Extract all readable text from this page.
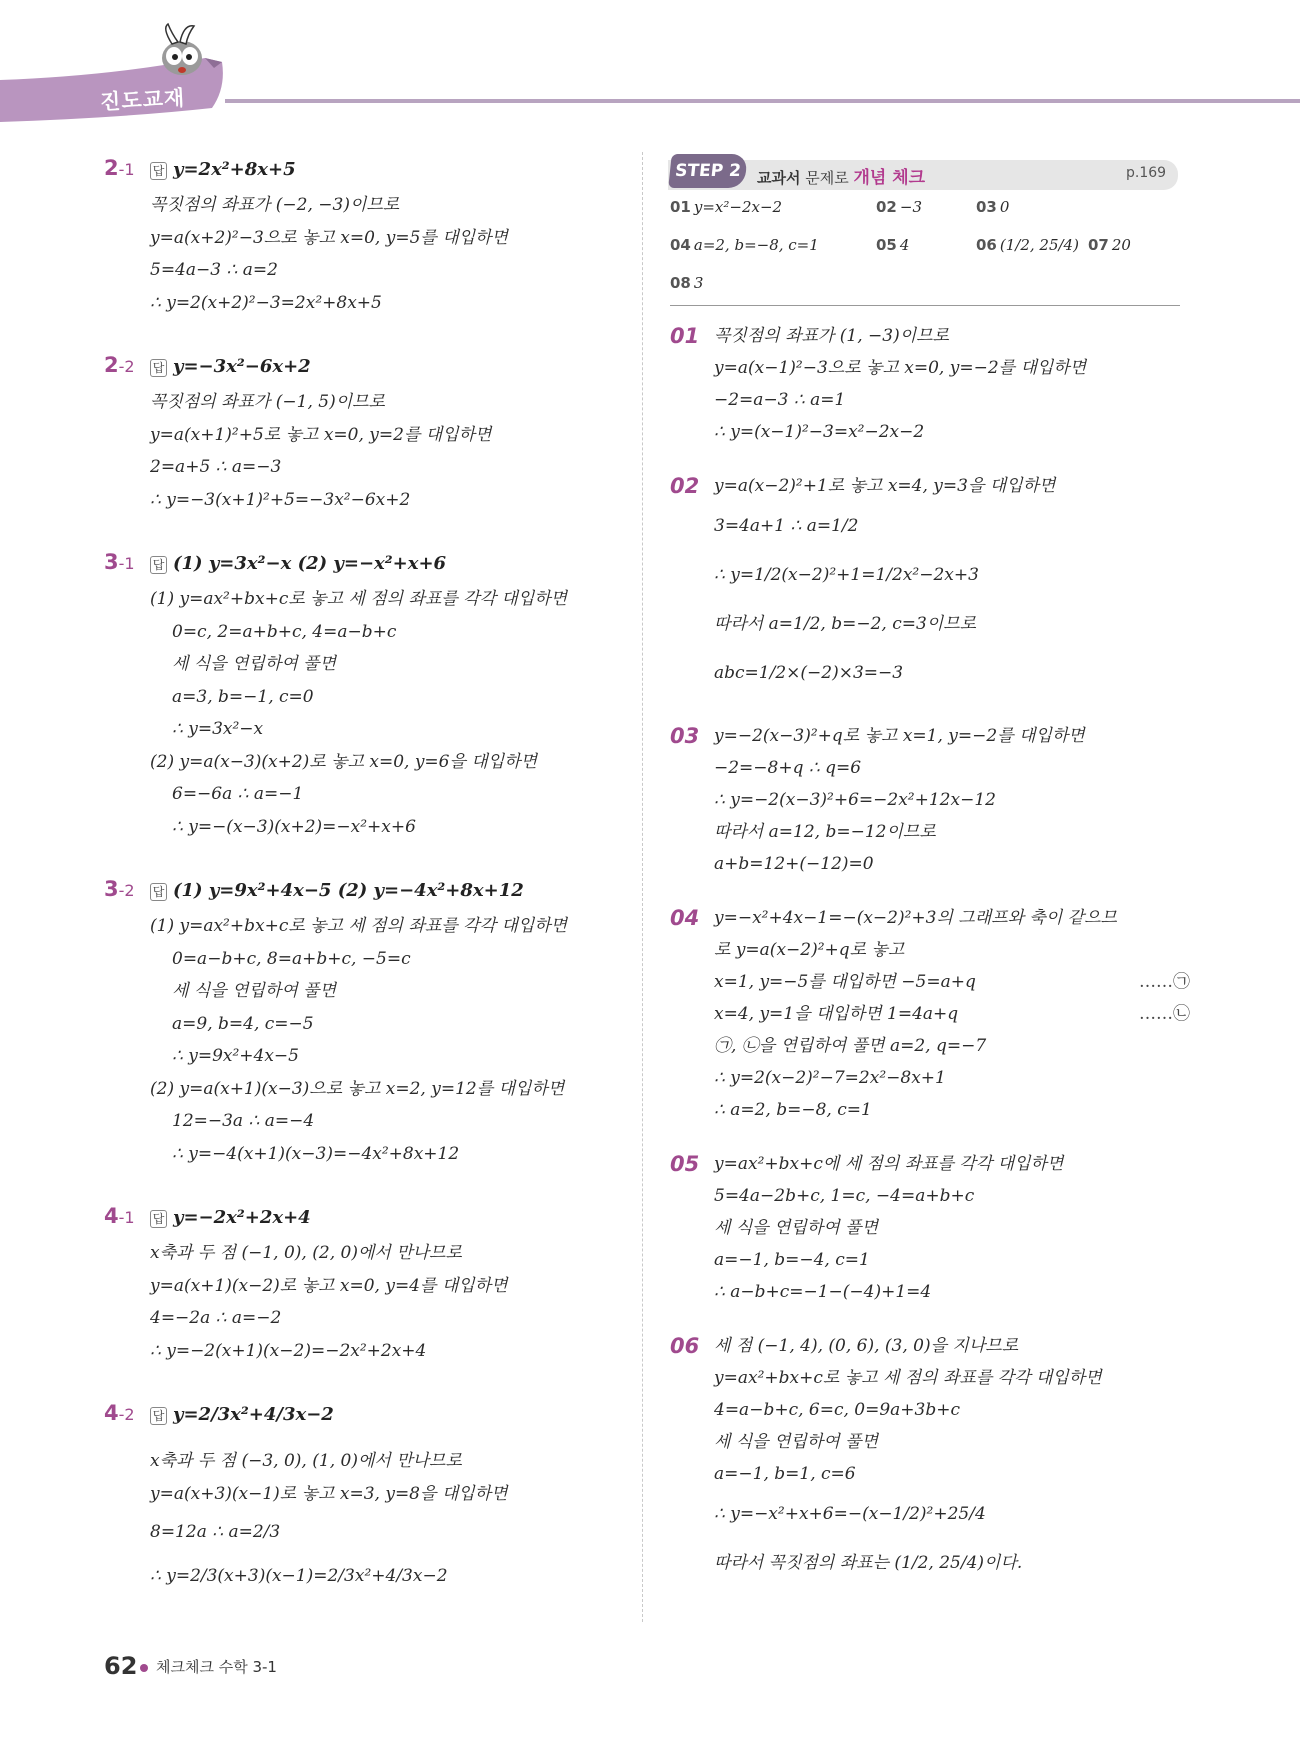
진도교재
2-1	답 y=2x²+8x+5
꼭짓점의 좌표가 (−2, −3)이므로
y=a(x+2)²−3으로 놓고 x=0, y=5를 대입하면
5=4a−3 ∴ a=2
∴ y=2(x+2)²−3=2x²+8x+5
2-2	답 y=−3x²−6x+2
꼭짓점의 좌표가 (−1, 5)이므로
y=a(x+1)²+5로 놓고 x=0, y=2를 대입하면
2=a+5 ∴ a=−3
∴ y=−3(x+1)²+5=−3x²−6x+2
3-1	답 (1) y=3x²−x (2) y=−x²+x+6
(1) y=ax²+bx+c로 놓고 세 점의 좌표를 각각 대입하면
0=c, 2=a+b+c, 4=a−b+c
세 식을 연립하여 풀면
a=3, b=−1, c=0
∴ y=3x²−x
(2) y=a(x−3)(x+2)로 놓고 x=0, y=6을 대입하면
6=−6a ∴ a=−1
∴ y=−(x−3)(x+2)=−x²+x+6
3-2	답 (1) y=9x²+4x−5 (2) y=−4x²+8x+12
(1) y=ax²+bx+c로 놓고 세 점의 좌표를 각각 대입하면
0=a−b+c, 8=a+b+c, −5=c
세 식을 연립하여 풀면
a=9, b=4, c=−5
∴ y=9x²+4x−5
(2) y=a(x+1)(x−3)으로 놓고 x=2, y=12를 대입하면
12=−3a ∴ a=−4
∴ y=−4(x+1)(x−3)=−4x²+8x+12
4-1	답 y=−2x²+2x+4
x축과 두 점 (−1, 0), (2, 0)에서 만나므로
y=a(x+1)(x−2)로 놓고 x=0, y=4를 대입하면
4=−2a ∴ a=−2
∴ y=−2(x+1)(x−2)=−2x²+2x+4
4-2	답 y=2/3x²+4/3x−2
x축과 두 점 (−3, 0), (1, 0)에서 만나므로
y=a(x+3)(x−1)로 놓고 x=3, y=8을 대입하면
8=12a ∴ a=2/3
∴ y=2/3(x+3)(x−1)=2/3x²+4/3x−2
STEP 2	교과서 문제로 개념 체크	p.169
01 y=x²−2x−2	02 −3	03 0
04 a=2, b=−8, c=1	05 4	06 (1/2, 25/4) 07 20
08 3
01 꼭짓점의 좌표가 (1, −3)이므로
y=a(x−1)²−3으로 놓고 x=0, y=−2를 대입하면
−2=a−3 ∴ a=1
∴ y=(x−1)²−3=x²−2x−2
02 y=a(x−2)²+1로 놓고 x=4, y=3을 대입하면
3=4a+1 ∴ a=1/2
∴ y=1/2(x−2)²+1=1/2x²−2x+3
따라서 a=1/2, b=−2, c=3이므로
abc=1/2×(−2)×3=−3
03 y=−2(x−3)²+q로 놓고 x=1, y=−2를 대입하면
−2=−8+q ∴ q=6
∴ y=−2(x−3)²+6=−2x²+12x−12
따라서 a=12, b=−12이므로
a+b=12+(−12)=0
04 y=−x²+4x−1=−(x−2)²+3의 그래프와 축이 같으므
로 y=a(x−2)²+q로 놓고
x=1, y=−5를 대입하면 −5=a+q	……㉠
x=4, y=1을 대입하면 1=4a+q	……㉡
㉠, ㉡을 연립하여 풀면 a=2, q=−7
∴ y=2(x−2)²−7=2x²−8x+1
∴ a=2, b=−8, c=1
05 y=ax²+bx+c에 세 점의 좌표를 각각 대입하면
5=4a−2b+c, 1=c, −4=a+b+c
세 식을 연립하여 풀면
a=−1, b=−4, c=1
∴ a−b+c=−1−(−4)+1=4
06 세 점 (−1, 4), (0, 6), (3, 0)을 지나므로
y=ax²+bx+c로 놓고 세 점의 좌표를 각각 대입하면
4=a−b+c, 6=c, 0=9a+3b+c
세 식을 연립하여 풀면
a=−1, b=1, c=6
∴ y=−x²+x+6=−(x−1/2)²+25/4
따라서 꼭짓점의 좌표는 (1/2, 25/4)이다.
62 체크체크 수학 3-1
